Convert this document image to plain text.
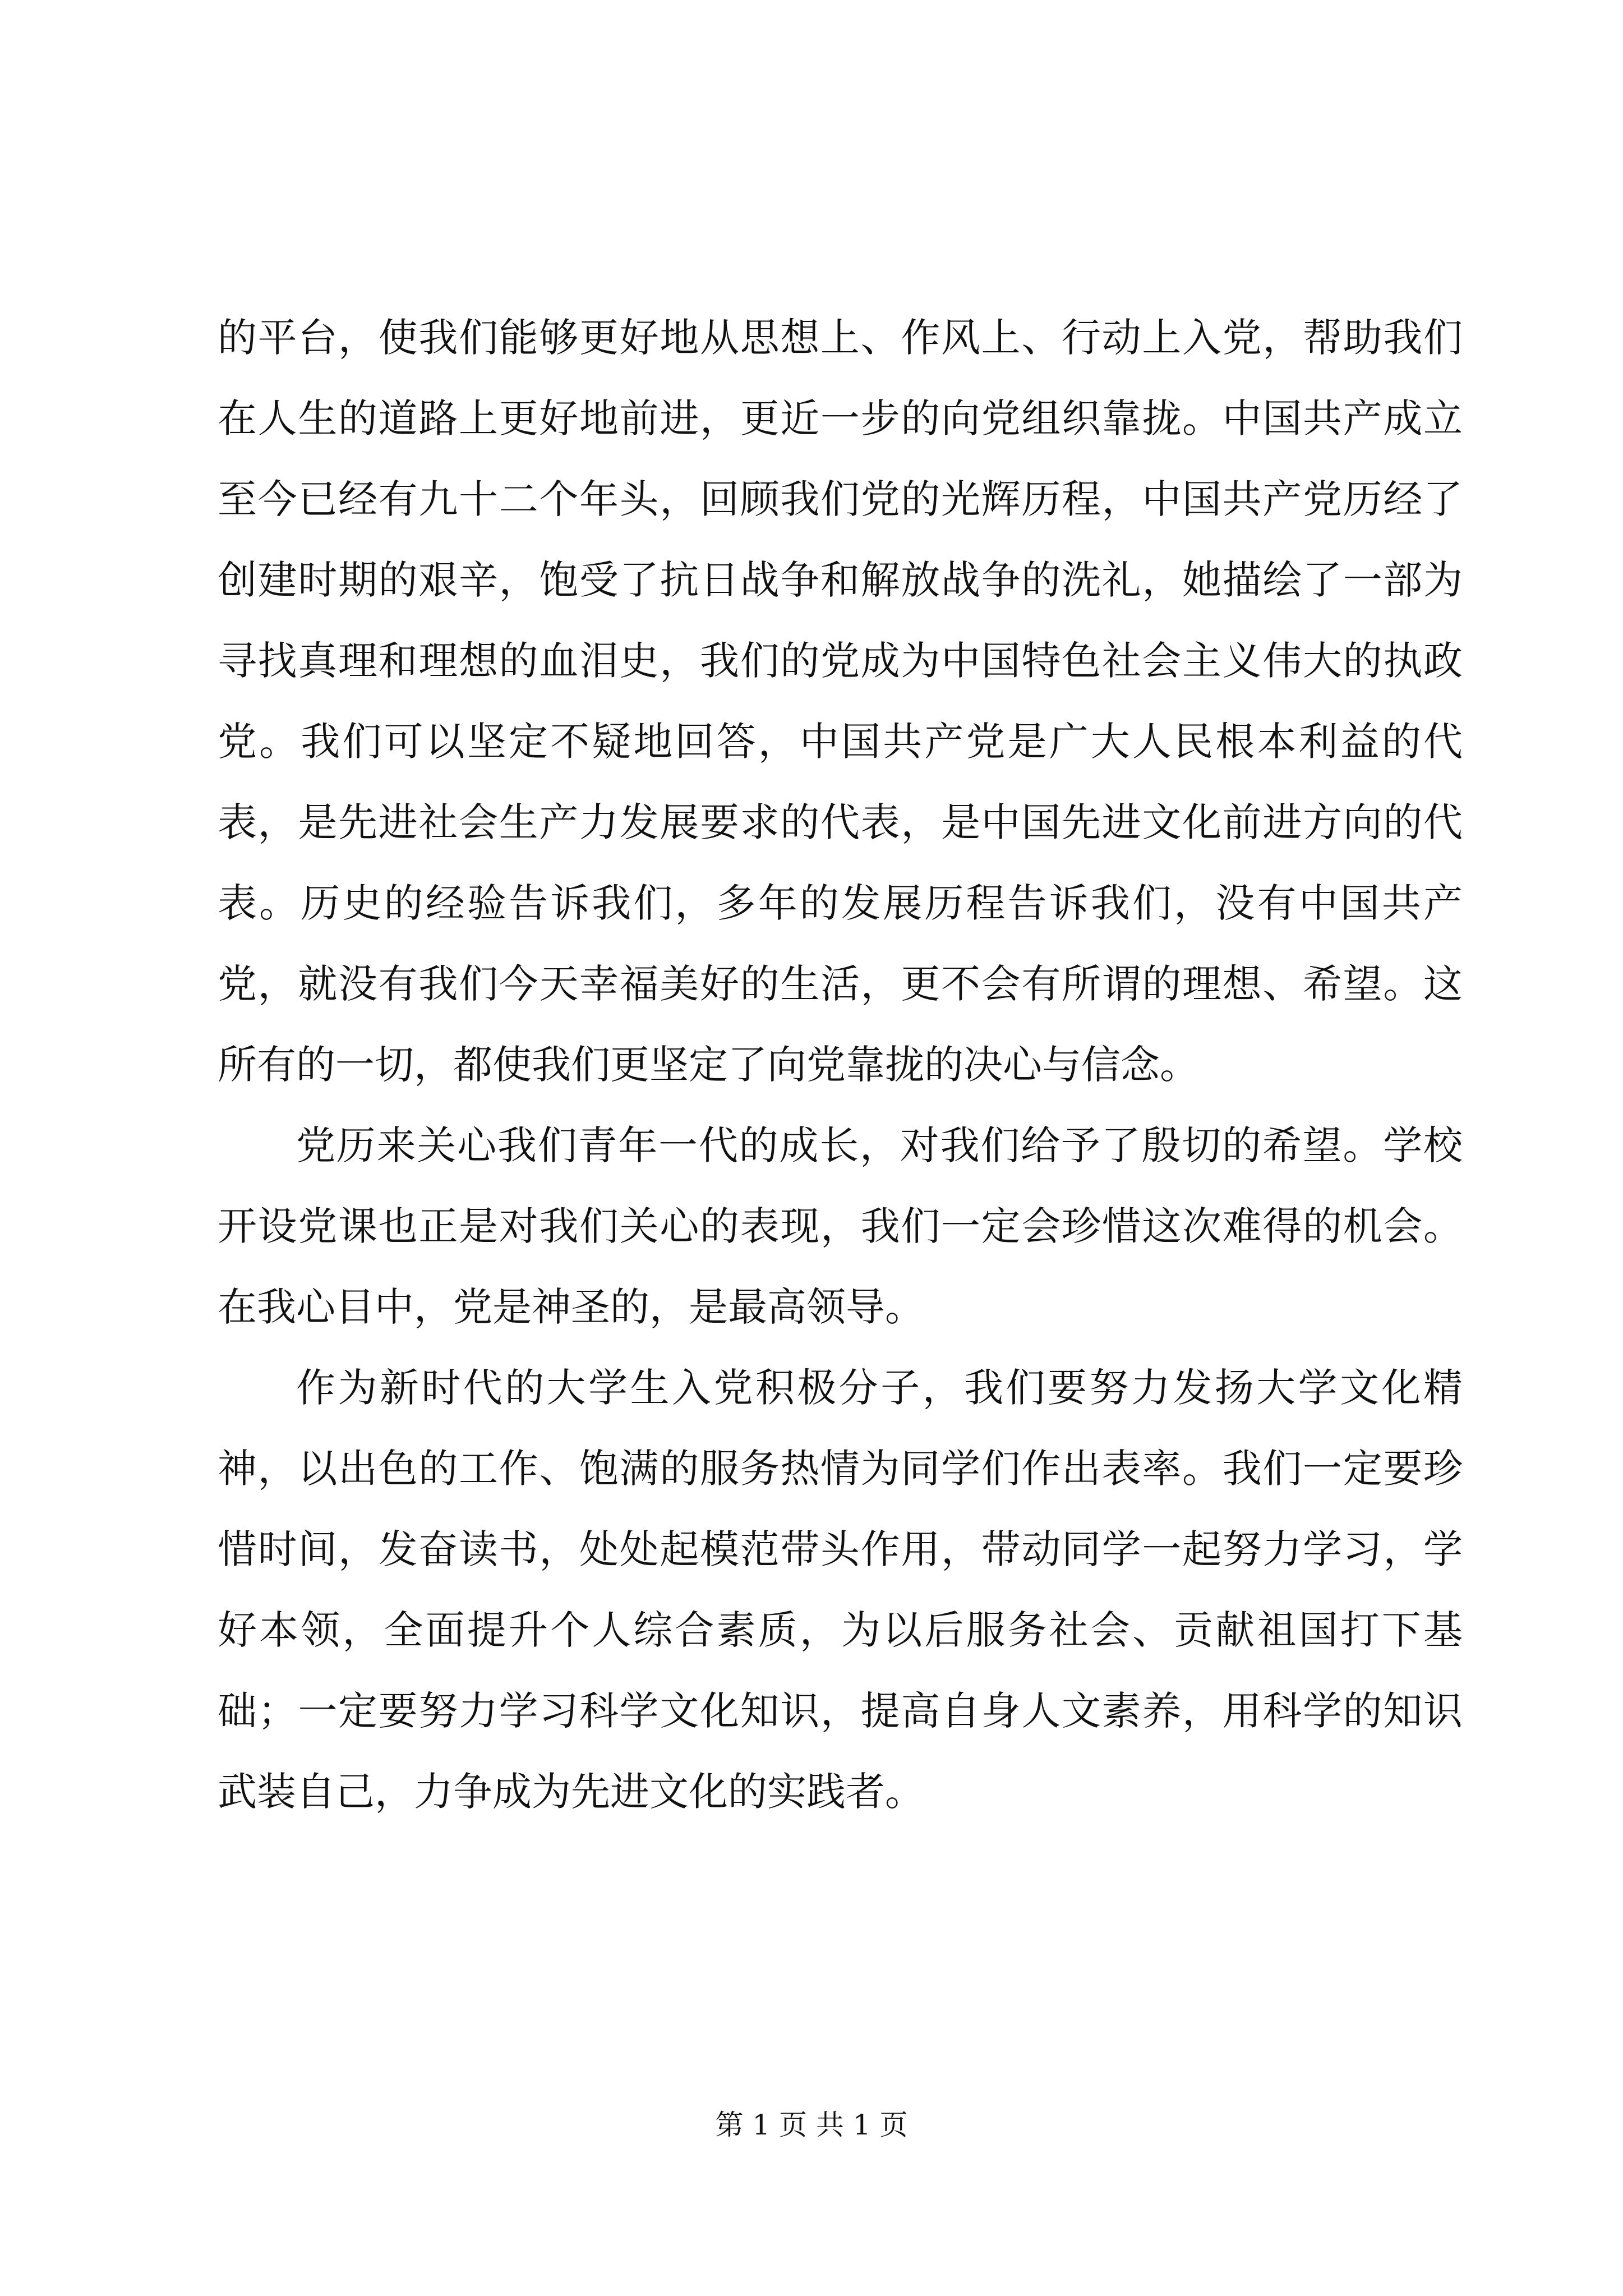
的平台，使我们能够更好地从思想上、作风上、行动上入党，帮助我们在人生的道路上更好地前进，更近一步的向党组织靠拢。中国共产成立至今已经有九十二个年头，回顾我们党的光辉历程，中国共产党历经了创建时期的艰辛，饱受了抗日战争和解放战争的洗礼，她描绘了一部为寻找真理和理想的血泪史，我们的党成为中国特色社会主义伟大的执政党。我们可以坚定不疑地回答，中国共产党是广大人民根本利益的代表，是先进社会生产力发展要求的代表，是中国先进文化前进方向的代表。历史的经验告诉我们，多年的发展历程告诉我们，没有中国共产党，就没有我们今天幸福美好的生活，更不会有所谓的理想、希望。这所有的一切，都使我们更坚定了向党靠拢的决心与信念。

党历来关心我们青年一代的成长，对我们给予了殷切的希望。学校开设党课也正是对我们关心的表现，我们一定会珍惜这次难得的机会。在我心目中，党是神圣的，是最高领导。

作为新时代的大学生入党积极分子，我们要努力发扬大学文化精神，以出色的工作、饱满的服务热情为同学们作出表率。我们一定要珍惜时间，发奋读书，处处起模范带头作用，带动同学一起努力学习，学好本领，全面提升个人综合素质，为以后服务社会、贡献祖国打下基础；一定要努力学习科学文化知识，提高自身人文素养，用科学的知识武装自己，力争成为先进文化的实践者。

第 1 页 共 1 页
